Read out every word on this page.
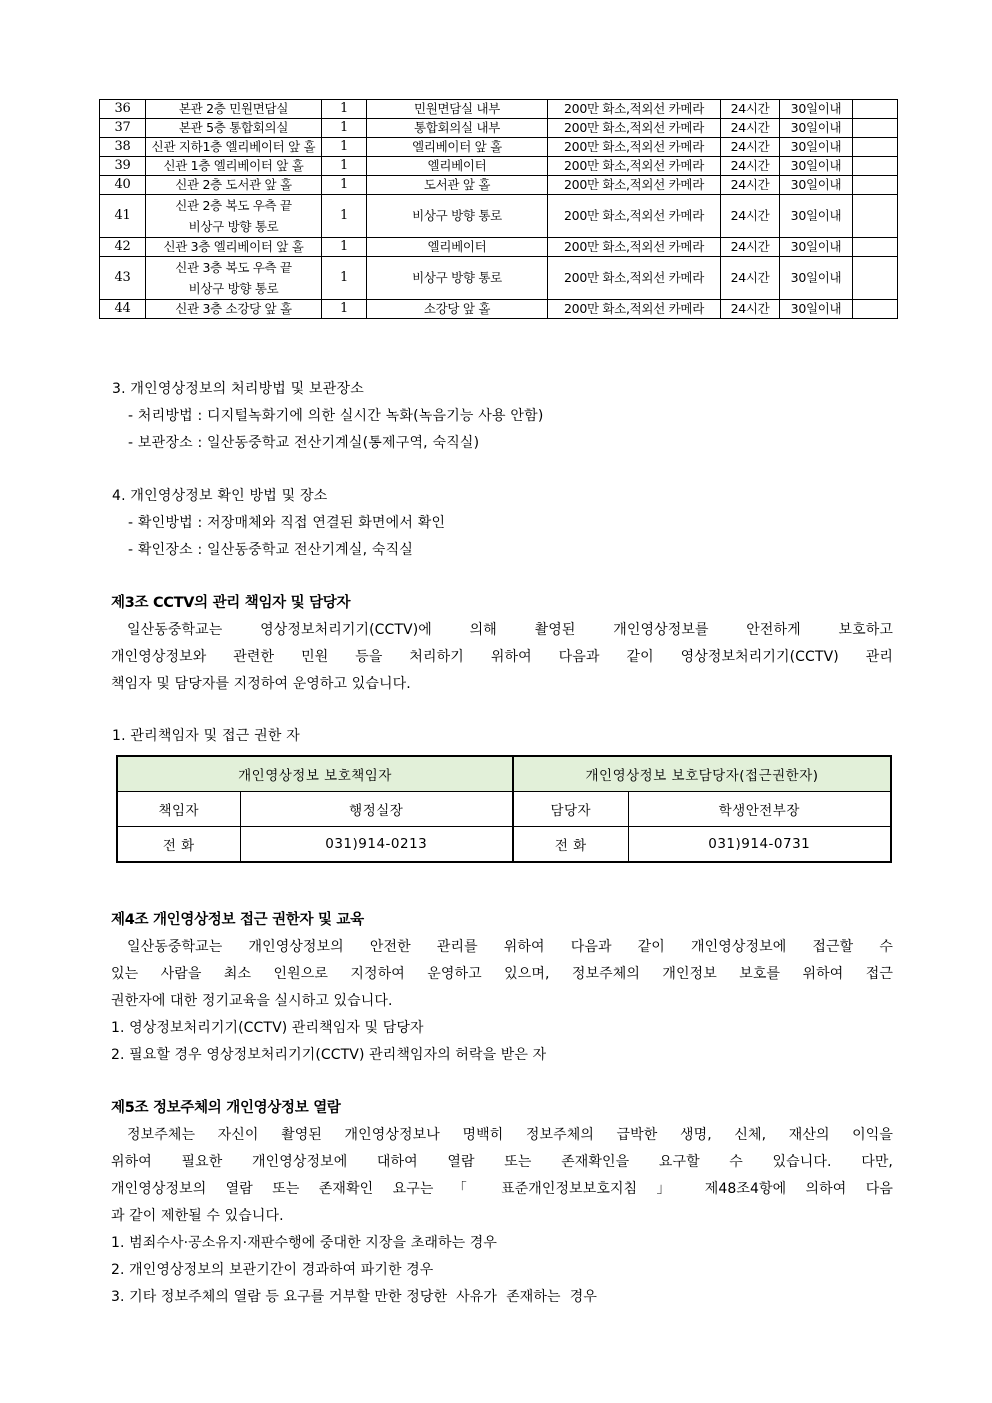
36	본관 2층 민원면담실	1	민원면담실 내부	200만 화소,적외선 카메라	24시간	30일이내	
37	본관 5층 통합회의실	1	통합회의실 내부	200만 화소,적외선 카메라	24시간	30일이내	
38	신관 지하1층 엘리베이터 앞 홀	1	엘리베이터 앞 홀	200만 화소,적외선 카메라	24시간	30일이내	
39	신관 1층 엘리베이터 앞 홀	1	엘리베이터	200만 화소,적외선 카메라	24시간	30일이내	
40	신관 2층 도서관 앞 홀	1	도서관 앞 홀	200만 화소,적외선 카메라	24시간	30일이내	
41	신관 2층 복도 우측 끝
비상구 방향 통로	1	비상구 방향 통로	200만 화소,적외선 카메라	24시간	30일이내	
42	신관 3층 엘리베이터 앞 홀	1	엘리베이터	200만 화소,적외선 카메라	24시간	30일이내	
43	신관 3층 복도 우측 끝
비상구 방향 통로	1	비상구 방향 통로	200만 화소,적외선 카메라	24시간	30일이내	
44	신관 3층 소강당 앞 홀	1	소강당 앞 홀	200만 화소,적외선 카메라	24시간	30일이내	
3. 개인영상정보의 처리방법 및 보관장소
- 처리방법 : 디지털녹화기에 의한 실시간 녹화(녹음기능 사용 안함)
- 보관장소 : 일산동중학교 전산기계실(통제구역, 숙직실)
4. 개인영상정보 확인 방법 및 장소
- 확인방법 : 저장매체와 직접 연결된 화면에서 확인
- 확인장소 : 일산동중학교 전산기계실, 숙직실
제3조 CCTV의 관리 책임자 및 담당자
일산동중학교는 영상정보처리기기(CCTV)에 의해 촬영된 개인영상정보를 안전하게 보호하고
개인영상정보와 관련한 민원 등을 처리하기 위하여 다음과 같이 영상정보처리기기(CCTV) 관리
책임자 및 담당자를 지정하여 운영하고 있습니다.
1. 관리책임자 및 접근 권한 자
개인영상정보 보호책임자		개인영상정보 보호담당자(접근권한자)	
책임자	행정실장	담당자	학생안전부장
전 화	031)914-0213	전 화	031)914-0731
제4조 개인영상정보 접근 권한자 및 교육
일산동중학교는 개인영상정보의 안전한 관리를 위하여 다음과 같이 개인영상정보에 접근할 수
있는 사람을 최소 인원으로 지정하여 운영하고 있으며, 정보주체의 개인정보 보호를 위하여 접근
권한자에 대한 정기교육을 실시하고 있습니다.
1. 영상정보처리기기(CCTV) 관리책임자 및 담당자
2. 필요할 경우 영상정보처리기기(CCTV) 관리책임자의 허락을 받은 자
제5조 정보주체의 개인영상정보 열람
정보주체는 자신이 촬영된 개인영상정보나 명백히 정보주체의 급박한 생명, 신체, 재산의 이익을
위하여 필요한 개인영상정보에 대하여 열람 또는 존재확인을 요구할 수 있습니다. 다만,
개인영상정보의 열람 또는 존재확인 요구는 「 표준개인정보보호지침 」 제48조4항에 의하여 다음
과 같이 제한될 수 있습니다.
1. 범죄수사·공소유지·재판수행에 중대한 지장을 초래하는 경우
2. 개인영상정보의 보관기간이 경과하여 파기한 경우
3. 기타 정보주체의 열람 등 요구를 거부할 만한 정당한  사유가  존재하는  경우
